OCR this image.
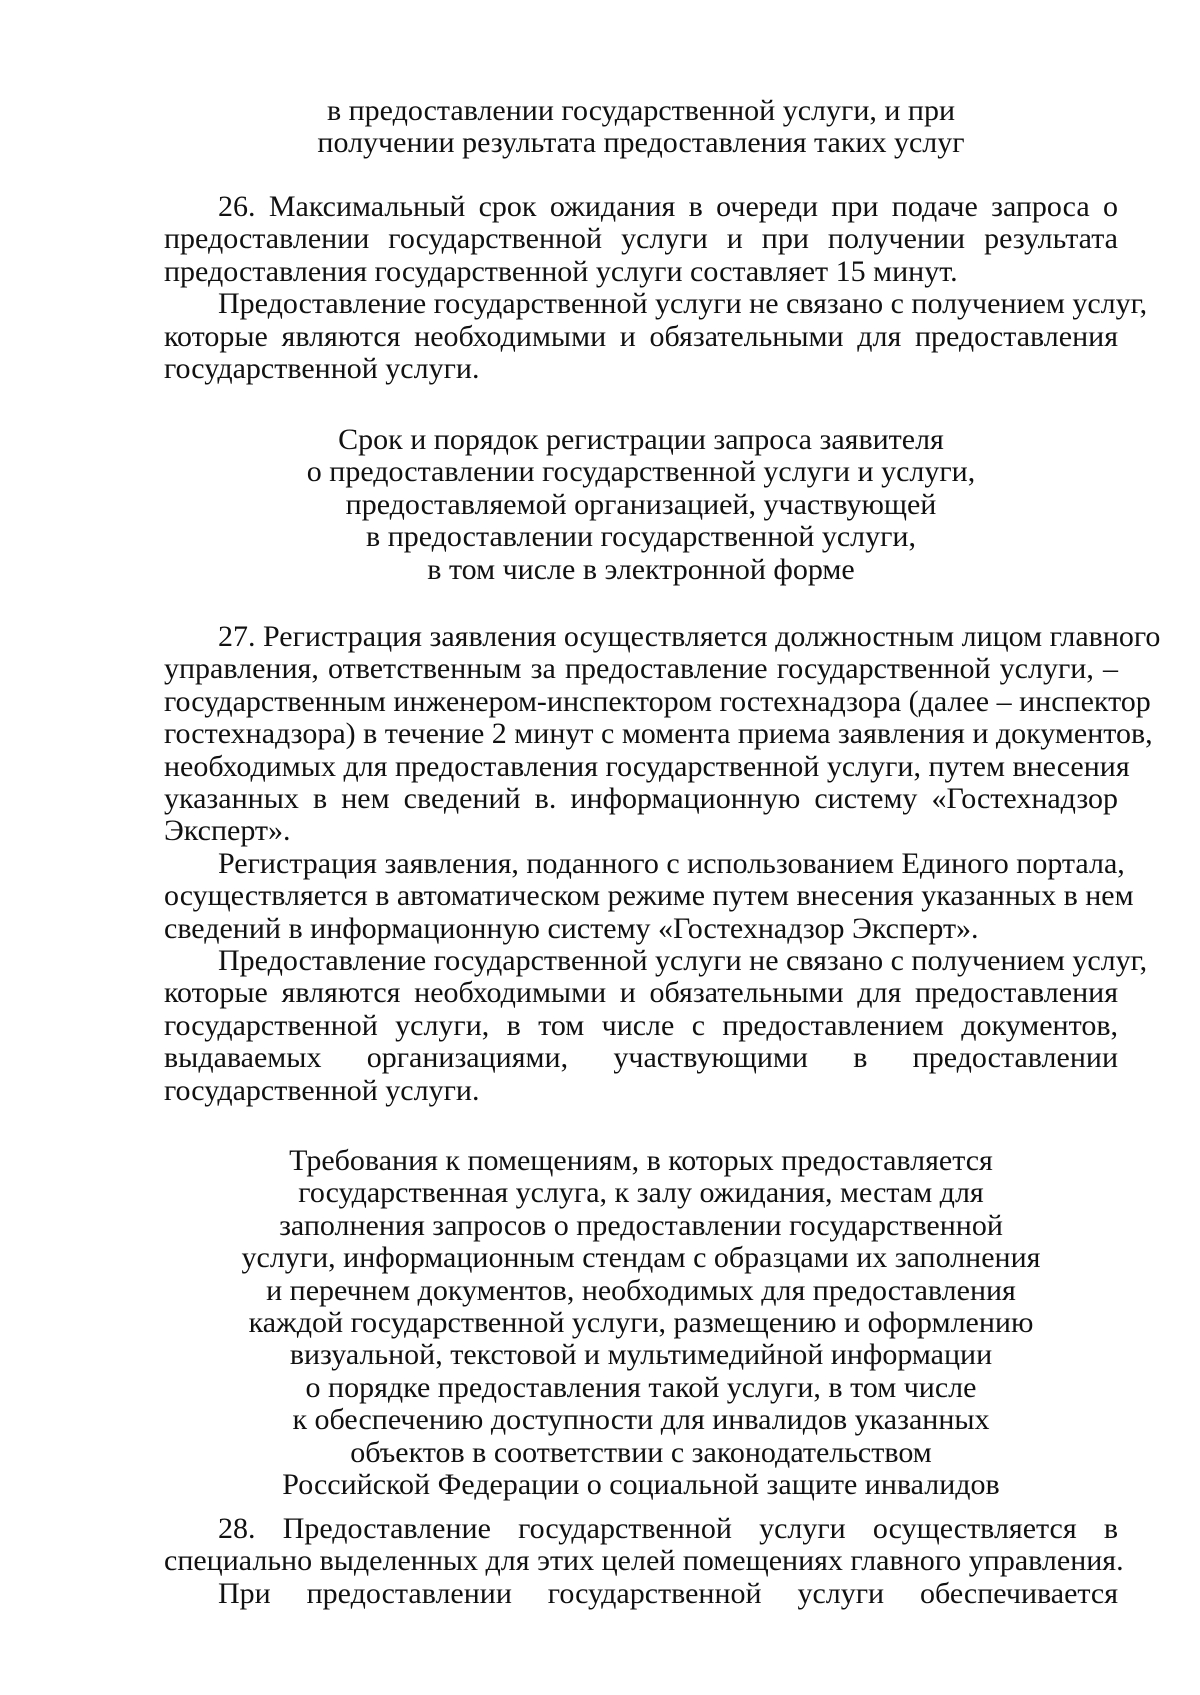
в предоставлении государственной услуги, и при
получении результата предоставления таких услуг
26. Максимальный срок ожидания в очереди при подаче запроса о
предоставлении государственной услуги и при получении результата
предоставления государственной услуги составляет 15 минут.
Предоставление государственной услуги не связано с получением услуг,
которые являются необходимыми и обязательными для предоставления
государственной услуги.
Срок и порядок регистрации запроса заявителя
о предоставлении государственной услуги и услуги,
предоставляемой организацией, участвующей
в предоставлении государственной услуги,
в том числе в электронной форме
27. Регистрация заявления осуществляется должностным лицом главного
управления, ответственным за предоставление государственной услуги, –
государственным инженером-инспектором гостехнадзора (далее – инспектор
гостехнадзора) в течение 2 минут с момента приема заявления и документов,
необходимых для предоставления государственной услуги, путем внесения
указанных в нем сведений в. информационную систему «Гостехнадзор
Эксперт».
Регистрация заявления, поданного с использованием Единого портала,
осуществляется в автоматическом режиме путем внесения указанных в нем
сведений в информационную систему «Гостехнадзор Эксперт».
Предоставление государственной услуги не связано с получением услуг,
которые являются необходимыми и обязательными для предоставления
государственной услуги, в том числе с предоставлением документов,
выдаваемых организациями, участвующими в предоставлении
государственной услуги.
Требования к помещениям, в которых предоставляется
государственная услуга, к залу ожидания, местам для
заполнения запросов о предоставлении государственной
услуги, информационным стендам с образцами их заполнения
и перечнем документов, необходимых для предоставления
каждой государственной услуги, размещению и оформлению
визуальной, текстовой и мультимедийной информации
о порядке предоставления такой услуги, в том числе
к обеспечению доступности для инвалидов указанных
объектов в соответствии с законодательством
Российской Федерации о социальной защите инвалидов
28. Предоставление государственной услуги осуществляется в
специально выделенных для этих целей помещениях главного управления.
При предоставлении государственной услуги обеспечивается
